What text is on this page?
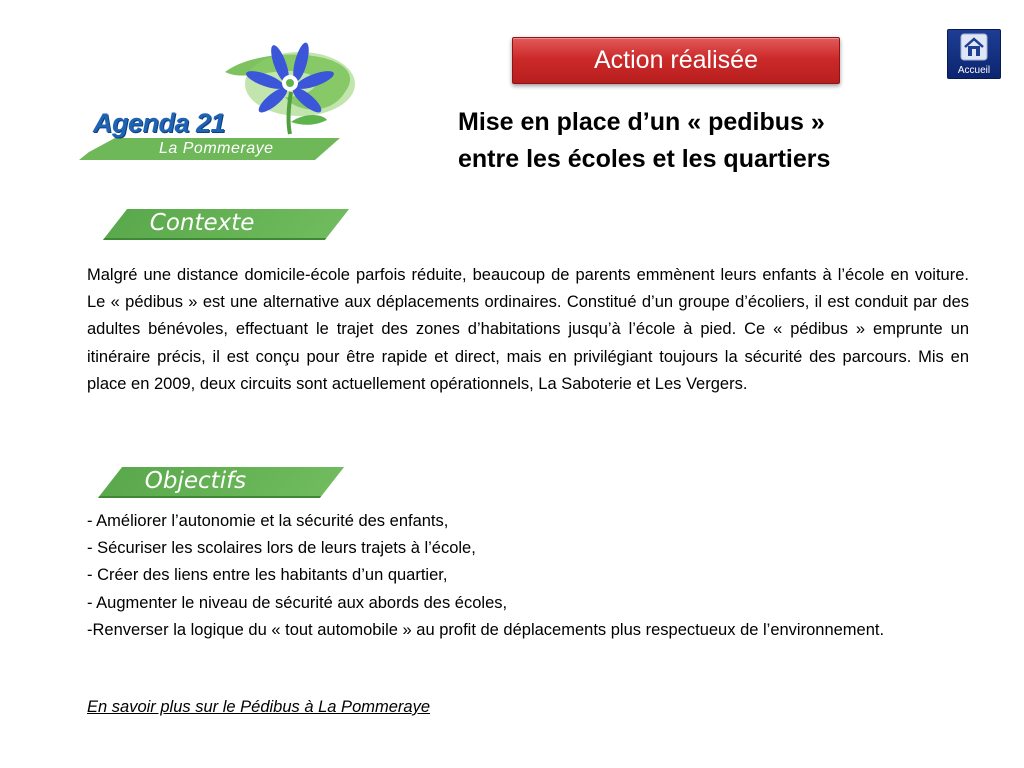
Agenda 21
La Pommeraye
Action réalisée	Accueil
Mise en place d’un « pedibus »
entre les écoles et les quartiers
Contexte
Malgré une distance domicile-école parfois réduite, beaucoup de parents emmènent leurs enfants à l’école en voiture. Le « pédibus » est une alternative aux déplacements ordinaires. Constitué d’un groupe d’écoliers, il est conduit par des adultes bénévoles, effectuant le trajet des zones d’habitations jusqu’à l’école à pied. Ce « pédibus » emprunte un itinéraire précis, il est conçu pour être rapide et direct, mais en privilégiant toujours la sécurité des parcours. Mis en place en 2009, deux circuits sont actuellement opérationnels, La Saboterie et Les Vergers.
Objectifs
- Améliorer l’autonomie et la sécurité des enfants,
- Sécuriser les scolaires lors de leurs trajets à l’école,
- Créer des liens entre les habitants d’un quartier,
- Augmenter le niveau de sécurité aux abords des écoles,
-Renverser la logique du « tout automobile » au profit de déplacements plus respectueux de l’environnement.
En savoir plus sur le Pédibus à La Pommeraye
